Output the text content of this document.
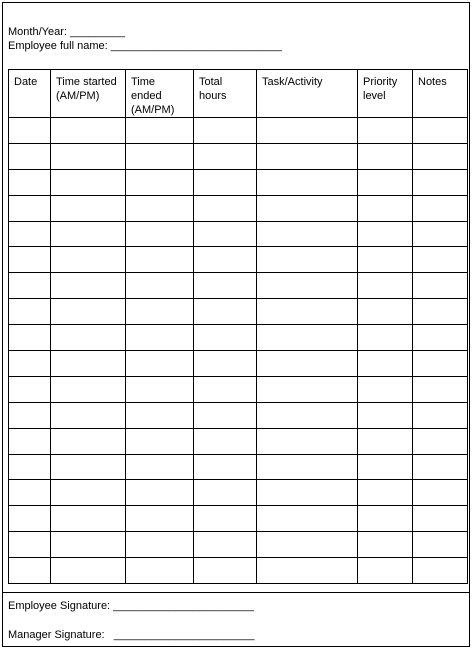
Month/Year: _________
Employee full name: ____________________________
Date	Time started (AM/PM)	Time ended (AM/PM)	Total hours	Task/Activity	Priority level	Notes

Employee Signature: _______________________
Manager Signature:   _______________________
